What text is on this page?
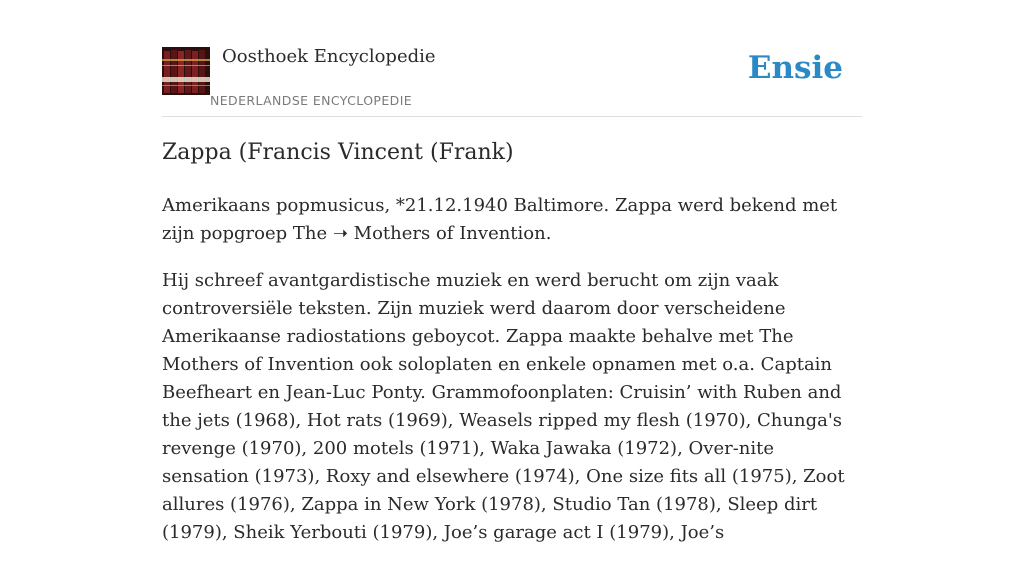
Oosthoek Encyclopedie
NEDERLANDSE ENCYCLOPEDIE
Ensie
Zappa (Francis Vincent (Frank)

Amerikaans popmusicus, *21.12.1940 Baltimore. Zappa werd bekend met zijn popgroep The ➝ Mothers of Invention.

Hij schreef avantgardistische muziek en werd berucht om zijn vaak controversiële teksten. Zijn muziek werd daarom door verscheidene Amerikaanse radiostations geboycot. Zappa maakte behalve met The Mothers of Invention ook soloplaten en enkele opnamen met o.a. Captain Beefheart en Jean-Luc Ponty. Grammofoonplaten: Cruisin’ with Ruben and the jets (1968), Hot rats (1969), Weasels ripped my flesh (1970), Chunga's revenge (1970), 200 motels (1971), Waka Jawaka (1972), Over-nite sensation (1973), Roxy and elsewhere (1974), One size fits all (1975), Zoot allures (1976), Zappa in New York (1978), Studio Tan (1978), Sleep dirt (1979), Sheik Yerbouti (1979), Joe’s garage act I (1979), Joe’s
